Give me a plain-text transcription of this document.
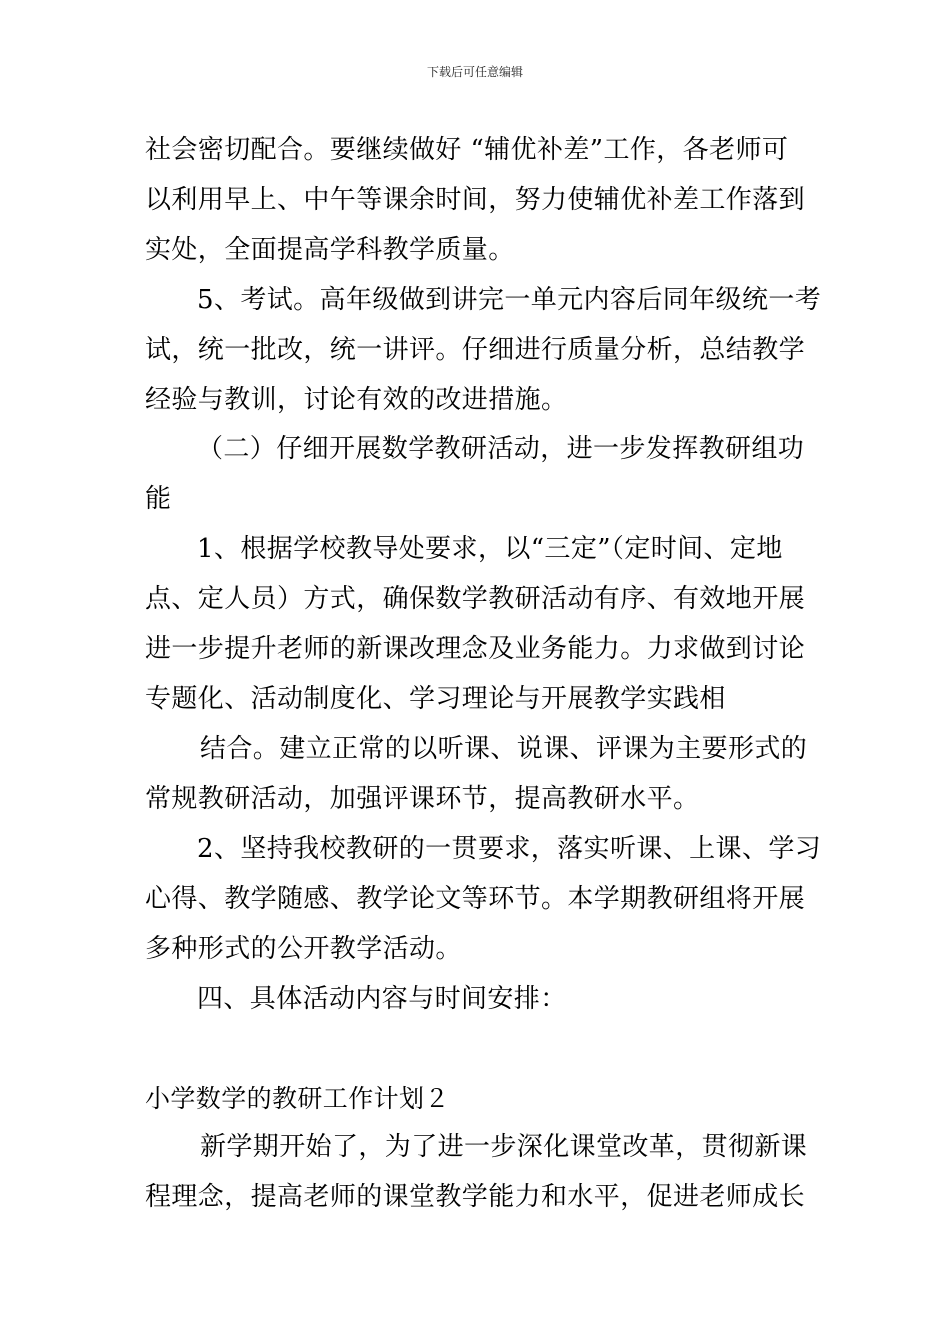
下载后可任意编辑
社会密切配合。要继续做好 “辅优补差”工作，各老师可
以利用早上、中午等课余时间，努力使辅优补差工作落到
实处，全面提高学科教学质量。
5、考试。高年级做到讲完一单元内容后同年级统一考
试，统一批改，统一讲评。仔细进行质量分析，总结教学
经验与教训，讨论有效的改进措施。
（二）仔细开展数学教研活动，进一步发挥教研组功
能
1、根据学校教导处要求，以“三定”（定时间、定地
点、定人员）方式，确保数学教研活动有序、有效地开展
进一步提升老师的新课改理念及业务能力。力求做到讨论
专题化、活动制度化、学习理论与开展教学实践相
结合。建立正常的以听课、说课、评课为主要形式的
常规教研活动，加强评课环节，提高教研水平。
2、坚持我校教研的一贯要求，落实听课、上课、学习
心得、教学随感、教学论文等环节。本学期教研组将开展
多种形式的公开教学活动。
四、具体活动内容与时间安排：
小学数学的教研工作计划２
新学期开始了，为了进一步深化课堂改革，贯彻新课
程理念，提高老师的课堂教学能力和水平，促进老师成长
